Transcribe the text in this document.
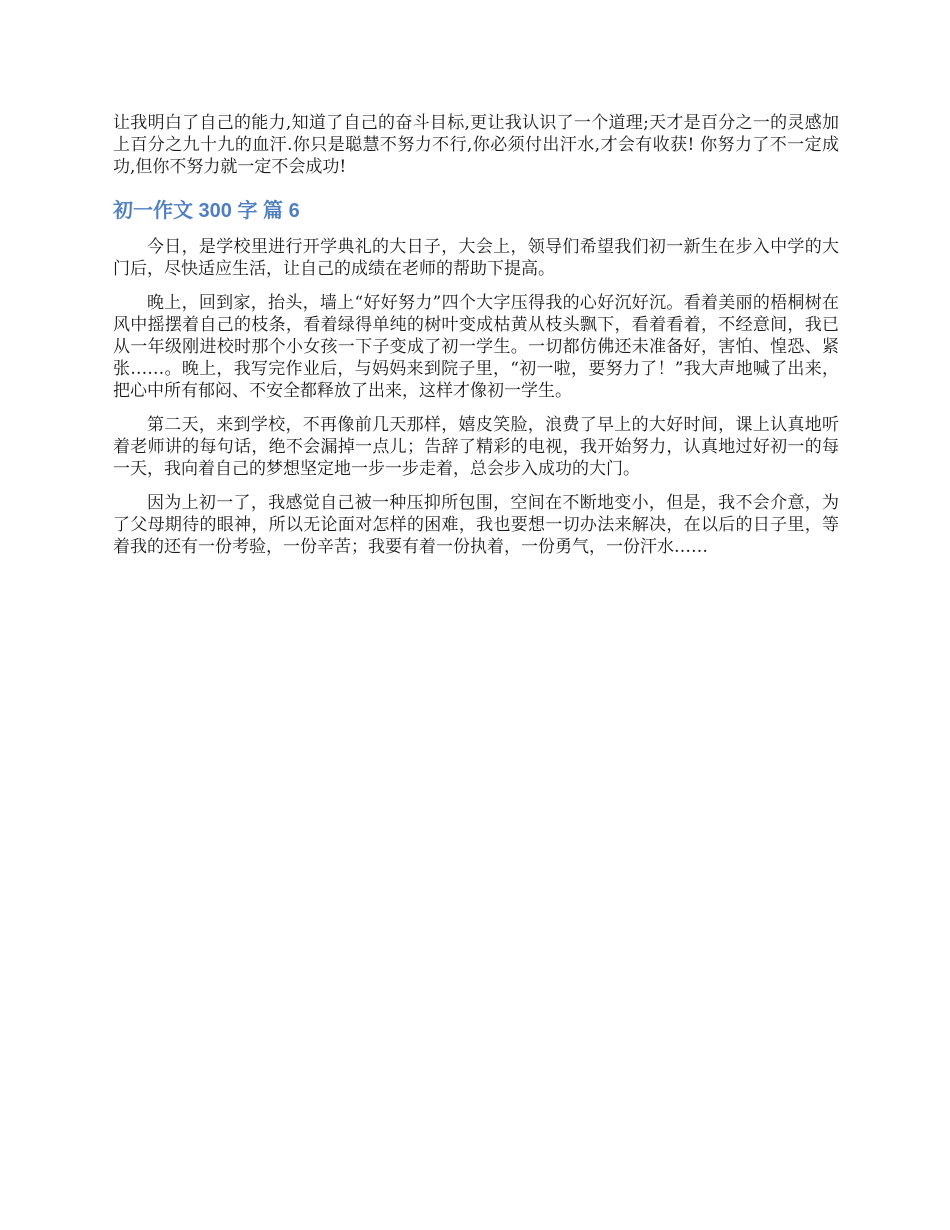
让我明白了自己的能力,知道了自己的奋斗目标,更让我认识了一个道理;天才是百分之一的灵感加上百分之九十九的血汗.你只是聪慧不努力不行,你必须付出汗水,才会有收获! 你努力了不一定成功,但你不努力就一定不会成功!

初一作文 300 字 篇 6

今日，是学校里进行开学典礼的大日子，大会上，领导们希望我们初一新生在步入中学的大门后，尽快适应生活，让自己的成绩在老师的帮助下提高。

晚上，回到家，抬头，墙上“好好努力”四个大字压得我的心好沉好沉。看着美丽的梧桐树在风中摇摆着自己的枝条，看着绿得单纯的树叶变成枯黄从枝头飘下，看着看着，不经意间，我已从一年级刚进校时那个小女孩一下子变成了初一学生。一切都仿佛还未准备好，害怕、惶恐、紧张……。晚上，我写完作业后，与妈妈来到院子里，“初一啦，要努力了！”我大声地喊了出来，把心中所有郁闷、不安全都释放了出来，这样才像初一学生。

第二天，来到学校，不再像前几天那样，嬉皮笑脸，浪费了早上的大好时间，课上认真地听着老师讲的每句话，绝不会漏掉一点儿；告辞了精彩的电视，我开始努力，认真地过好初一的每一天，我向着自己的梦想坚定地一步一步走着，总会步入成功的大门。

因为上初一了，我感觉自己被一种压抑所包围，空间在不断地变小，但是，我不会介意，为了父母期待的眼神，所以无论面对怎样的困难，我也要想一切办法来解决，在以后的日子里，等着我的还有一份考验，一份辛苦；我要有着一份执着，一份勇气，一份汗水……
